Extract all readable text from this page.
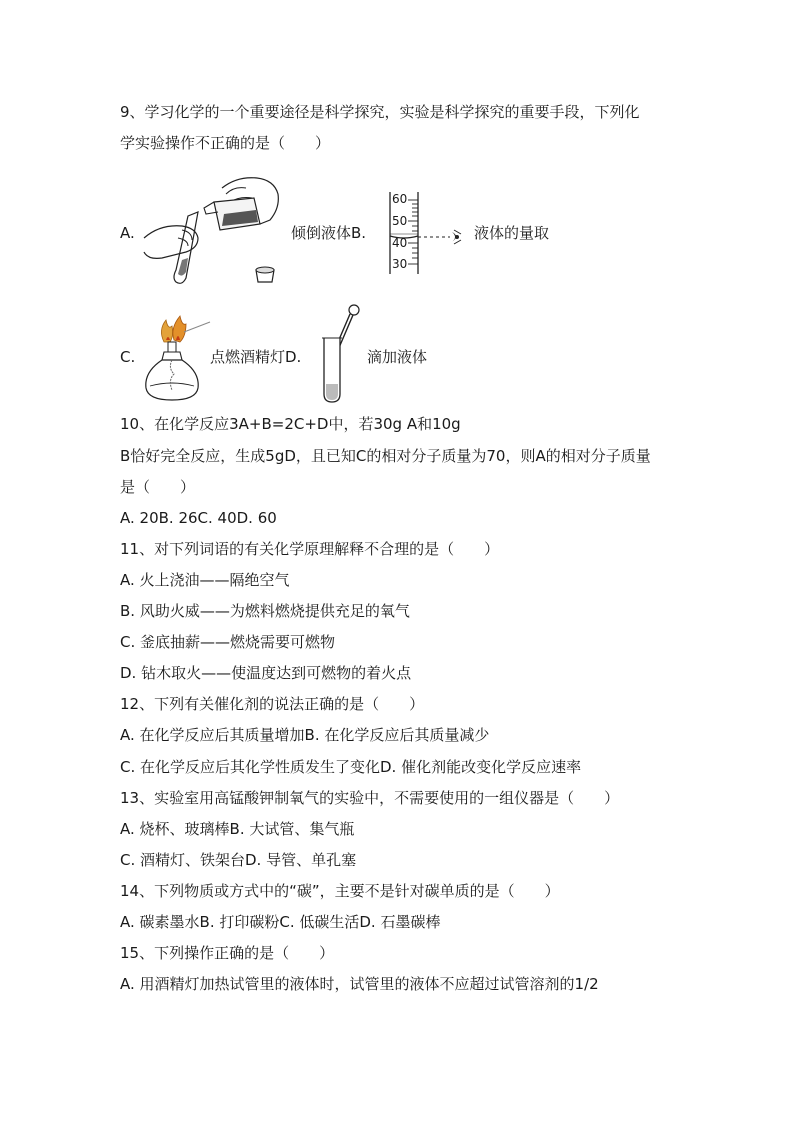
9、学习化学的一个重要途径是科学探究，实验是科学探究的重要手段，下列化
学实验操作不正确的是（　　）
A.	倾倒液体B.
60
50
40
30
液体的量取
C.	点燃酒精灯D.	滴加液体
10、在化学反应3A+B=2C+D中，若30g A和10g
B恰好完全反应，生成5gD，且已知C的相对分子质量为70，则A的相对分子质量
是（　　）
A. 20B. 26C. 40D. 60
11、对下列词语的有关化学原理解释不合理的是（　　）
A. 火上浇油——隔绝空气
B. 风助火威——为燃料燃烧提供充足的氧气
C. 釜底抽薪——燃烧需要可燃物
D. 钻木取火——使温度达到可燃物的着火点
12、下列有关催化剂的说法正确的是（　　）
A. 在化学反应后其质量增加B. 在化学反应后其质量减少
C. 在化学反应后其化学性质发生了变化D. 催化剂能改变化学反应速率
13、实验室用高锰酸钾制氧气的实验中，不需要使用的一组仪器是（　　）
A. 烧杯、玻璃棒B. 大试管、集气瓶
C. 酒精灯、铁架台D. 导管、单孔塞
14、下列物质或方式中的“碳”，主要不是针对碳单质的是（　　）
A. 碳素墨水B. 打印碳粉C. 低碳生活D. 石墨碳棒
15、下列操作正确的是（　　）
A. 用酒精灯加热试管里的液体时，试管里的液体不应超过试管溶剂的1/2
